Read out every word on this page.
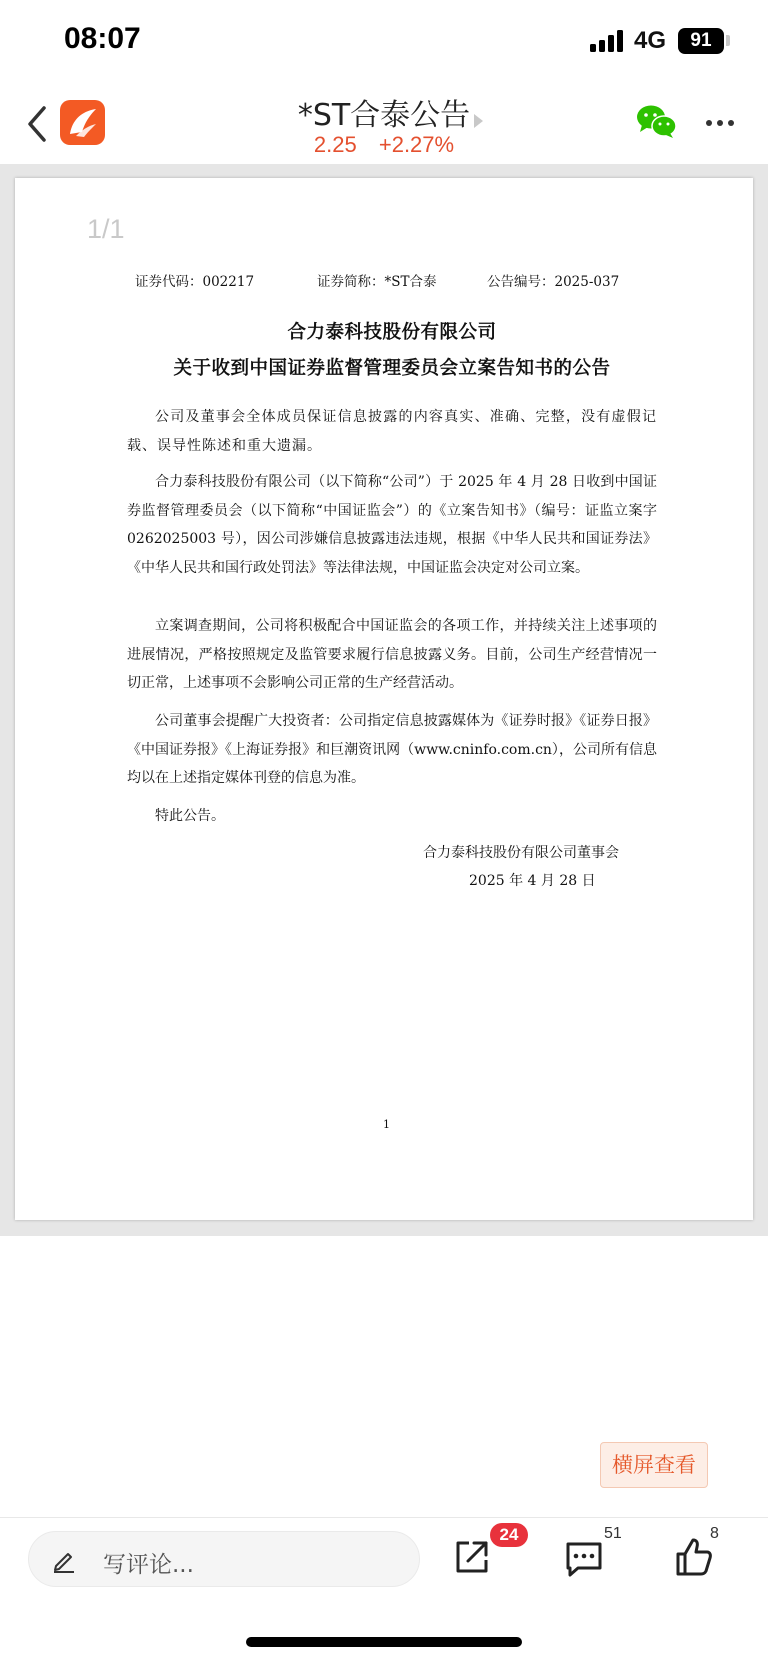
08:07	4G	91
*ST合泰公告
2.25 +2.27%
1/1
证券代码：002217	证券简称：*ST合泰	公告编号：2025-037
合力泰科技股份有限公司
关于收到中国证券监督管理委员会立案告知书的公告
公司及董事会全体成员保证信息披露的内容真实、准确、完整，没有虚假记载、误导性陈述和重大遗漏。
合力泰科技股份有限公司（以下简称“公司”）于 2025 年 4 月 28 日收到中国证券监督管理委员会（以下简称“中国证监会”）的《立案告知书》（编号：证监立案字 0262025003 号），因公司涉嫌信息披露违法违规，根据《中华人民共和国证券法》《中华人民共和国行政处罚法》等法律法规，中国证监会决定对公司立案。
立案调查期间，公司将积极配合中国证监会的各项工作，并持续关注上述事项的进展情况，严格按照规定及监管要求履行信息披露义务。目前，公司生产经营情况一切正常，上述事项不会影响公司正常的生产经营活动。
公司董事会提醒广大投资者：公司指定信息披露媒体为《证券时报》《证券日报》《中国证券报》《上海证券报》和巨潮资讯网（www.cninfo.com.cn），公司所有信息均以在上述指定媒体刊登的信息为准。
特此公告。
合力泰科技股份有限公司董事会
2025 年 4 月 28 日
1
横屏查看
写评论...
24	51	8
